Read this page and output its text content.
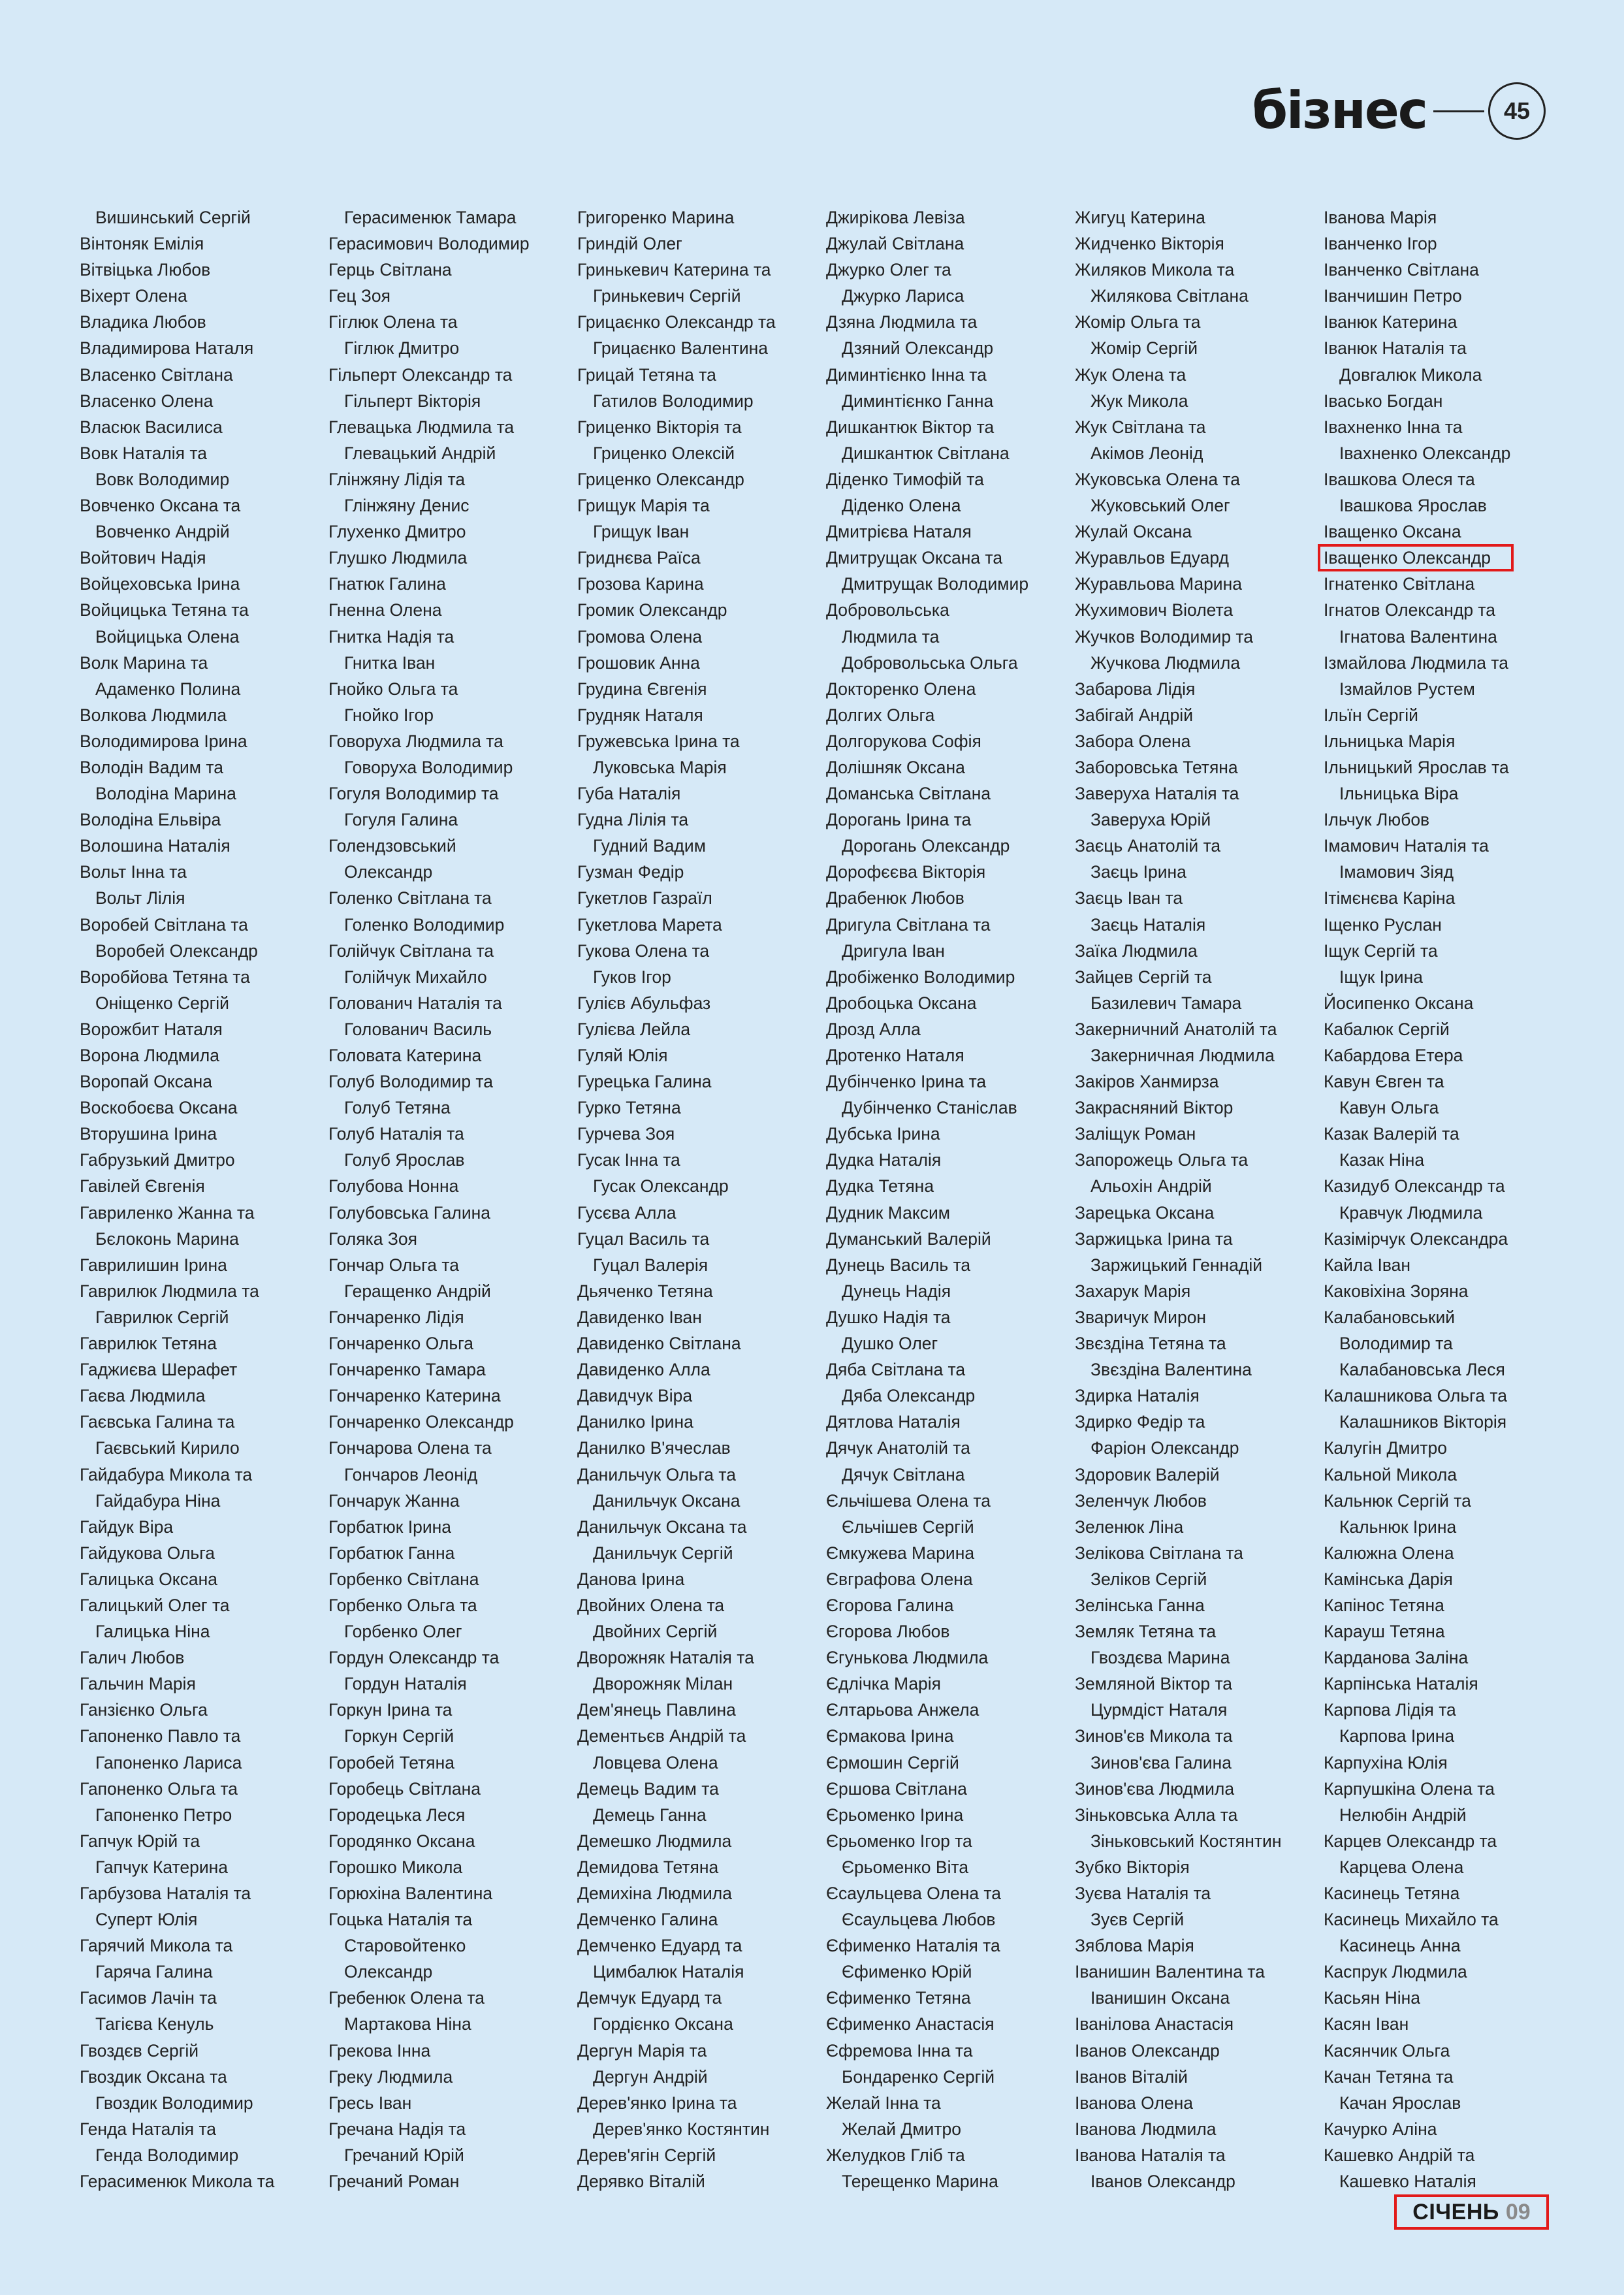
бізнес	45
Вишинський Сергій
Вінтоняк Емілія
Вітвіцька Любов
Віхерт Олена
Владика Любов
Владимирова Наталя
Власенко Світлана
Власенко Олена
Власюк Василиса
Вовк Наталія та
Вовк Володимир
Вовченко Оксана та
Вовченко Андрій
Войтович Надія
Войцеховська Ірина
Войцицька Тетяна та
Войцицька Олена
Волк Марина та
Адаменко Полина
Волкова Людмила
Володимирова Ірина
Володін Вадим та
Володіна Марина
Володіна Ельвіра
Волошина Наталія
Вольт Інна та
Вольт Лілія
Воробей Світлана та
Воробей Олександр
Воробйова Тетяна та
Оніщенко Сергій
Ворожбит Наталя
Ворона Людмила
Воропай Оксана
Воскобоєва Оксана
Вторушина Ірина
Габрузький Дмитро
Гавілей Євгенія
Гавриленко Жанна та
Бєлоконь Марина
Гаврилишин Ірина
Гаврилюк Людмила та
Гаврилюк Сергій
Гаврилюк Тетяна
Гаджиєва Шерафет
Гаєва Людмила
Гаєвська Галина та
Гаєвський Кирило
Гайдабура Микола та
Гайдабура Ніна
Гайдук Віра
Гайдукова Ольга
Галицька Оксана
Галицький Олег та
Галицька Ніна
Галич Любов
Гальчин Марія
Ганзієнко Ольга
Гапоненко Павло та
Гапоненко Лариса
Гапоненко Ольга та
Гапоненко Петро
Гапчук Юрій та
Гапчук Катерина
Гарбузова Наталія та
Суперт Юлія
Гарячий Микола та
Гаряча Галина
Гасимов Лачін та
Тагієва Кенуль
Гвоздєв Сергій
Гвоздик Оксана та
Гвоздик Володимир
Генда Наталія та
Генда Володимир
Герасименюк Микола та
Герасименюк Тамара
Герасимович Володимир
Герць Світлана
Гец Зоя
Гіглюк Олена та
Гіглюк Дмитро
Гільперт Олександр та
Гільперт Вікторія
Глевацька Людмила та
Глевацький Андрій
Глінжяну Лідія та
Глінжяну Денис
Глухенко Дмитро
Глушко Людмила
Гнатюк Галина
Гненна Олена
Гнитка Надія та
Гнитка Іван
Гнойко Ольга та
Гнойко Ігор
Говоруха Людмила та
Говоруха Володимир
Гогуля Володимир та
Гогуля Галина
Голендзовський
Олександр
Голенко Світлана та
Голенко Володимир
Голійчук Світлана та
Голійчук Михайло
Голованич Наталія та
Голованич Василь
Головата Катерина
Голуб Володимир та
Голуб Тетяна
Голуб Наталія та
Голуб Ярослав
Голубова Нонна
Голубовська Галина
Голяка Зоя
Гончар Ольга та
Геращенко Андрій
Гончаренко Лідія
Гончаренко Ольга
Гончаренко Тамара
Гончаренко Катерина
Гончаренко Олександр
Гончарова Олена та
Гончаров Леонід
Гончарук Жанна
Горбатюк Ірина
Горбатюк Ганна
Горбенко Світлана
Горбенко Ольга та
Горбенко Олег
Гордун Олександр та
Гордун Наталія
Горкун Ірина та
Горкун Сергій
Горобей Тетяна
Горобець Світлана
Городецька Леся
Городянко Оксана
Горошко Микола
Горюхіна Валентина
Гоцька Наталія та
Старовойтенко
Олександр
Гребенюк Олена та
Мартакова Ніна
Грекова Інна
Греку Людмила
Гресь Іван
Гречана Надія та
Гречаний Юрій
Гречаний Роман
Григоренко Марина
Гриндій Олег
Гринькевич Катерина та
Гринькевич Сергій
Грицаєнко Олександр та
Грицаєнко Валентина
Грицай Тетяна та
Гатилов Володимир
Гриценко Вікторія та
Гриценко Олексій
Гриценко Олександр
Грищук Марія та
Грищук Іван
Гриднєва Раїса
Грозова Карина
Громик Олександр
Громова Олена
Грошовик Анна
Грудина Євгенія
Грудняк Наталя
Гружевська Ірина та
Луковська Марія
Губа Наталія
Гудна Лілія та
Гудний Вадим
Гузман Федір
Гукетлов Газраїл
Гукетлова Марета
Гукова Олена та
Гуков Ігор
Гулієв Абульфаз
Гулієва Лейла
Гуляй Юлія
Гурецька Галина
Гурко Тетяна
Гурчева Зоя
Гусак Інна та
Гусак Олександр
Гусєва Алла
Гуцал Василь та
Гуцал Валерія
Дьяченко Тетяна
Давиденко Іван
Давиденко Світлана
Давиденко Алла
Давидчук Віра
Данилко Ірина
Данилко В'ячеслав
Данильчук Ольга та
Данильчук Оксана
Данильчук Оксана та
Данильчук Сергій
Данова Ірина
Двойних Олена та
Двойних Сергій
Дворожняк Наталія та
Дворожняк Мілан
Дем'янець Павлина
Дементьєв Андрій та
Ловцева Олена
Демець Вадим та
Демець Ганна
Демешко Людмила
Демидова Тетяна
Демихіна Людмила
Демченко Галина
Демченко Едуард та
Цимбалюк Наталія
Демчук Едуард та
Гордієнко Оксана
Дергун Марія та
Дергун Андрій
Дерев'янко Ірина та
Дерев'янко Костянтин
Дерев'ягін Сергій
Дерявко Віталій
Джирікова Левіза
Джулай Світлана
Джурко Олег та
Джурко Лариса
Дзяна Людмила та
Дзяний Олександр
Диминтієнко Інна та
Диминтієнко Ганна
Дишкантюк Віктор та
Дишкантюк Світлана
Діденко Тимофій та
Діденко Олена
Дмитрієва Наталя
Дмитрущак Оксана та
Дмитрущак Володимир
Добровольська
Людмила та
Добровольська Ольга
Докторенко Олена
Долгих Ольга
Долгорукова Софія
Долішняк Оксана
Доманська Світлана
Дорогань Ірина та
Дорогань Олександр
Дорофєєва Вікторія
Драбенюк Любов
Дригула Світлана та
Дригула Іван
Дробіженко Володимир
Дробоцька Оксана
Дрозд Алла
Дротенко Наталя
Дубінченко Ірина та
Дубінченко Станіслав
Дубська Ірина
Дудка Наталія
Дудка Тетяна
Дудник Максим
Думанський Валерій
Дунець Василь та
Дунець Надія
Душко Надія та
Душко Олег
Дяба Світлана та
Дяба Олександр
Дятлова Наталія
Дячук Анатолій та
Дячук Світлана
Єльчішева Олена та
Єльчішев Сергій
Ємкужева Марина
Євграфова Олена
Єгорова Галина
Єгорова Любов
Єгунькова Людмила
Єдлічка Марія
Єлтарьова Анжела
Єрмакова Ірина
Єрмошин Сергій
Єршова Світлана
Єрьоменко Ірина
Єрьоменко Ігор та
Єрьоменко Віта
Єсаульцева Олена та
Єсаульцева Любов
Єфименко Наталія та
Єфименко Юрій
Єфименко Тетяна
Єфименко Анастасія
Єфремова Інна та
Бондаренко Сергій
Желай Інна та
Желай Дмитро
Желудков Гліб та
Терещенко Марина
Жигуц Катерина
Жидченко Вікторія
Жиляков Микола та
Жилякова Світлана
Жомір Ольга та
Жомір Сергій
Жук Олена та
Жук Микола
Жук Світлана та
Акімов Леонід
Жуковська Олена та
Жуковський Олег
Жулай Оксана
Журавльов Едуард
Журавльова Марина
Жухимович Віолета
Жучков Володимир та
Жучкова Людмила
Забарова Лідія
Забігай Андрій
Забора Олена
Заборовська Тетяна
Заверуха Наталія та
Заверуха Юрій
Заєць Анатолій та
Заєць Ірина
Заєць Іван та
Заєць Наталія
Заїка Людмила
Зайцев Сергій та
Базилевич Тамара
Закерничний Анатолій та
Закерничная Людмила
Закіров Ханмирза
Закрасняний Віктор
Заліщук Роман
Запорожець Ольга та
Альохін Андрій
Зарецька Оксана
Заржицька Ірина та
Заржицький Геннадій
Захарук Марія
Зваричук Мирон
Звєздіна Тетяна та
Звєздіна Валентина
Здирка Наталія
Здирко Федір та
Фаріон Олександр
Здоровик Валерій
Зеленчук Любов
Зеленюк Ліна
Зелікова Світлана та
Зеліков Сергій
Зелінська Ганна
Земляк Тетяна та
Гвоздєва Марина
Земляной Віктор та
Цурмдіст Наталя
Зинов'єв Микола та
Зинов'єва Галина
Зинов'єва Людмила
Зіньковська Алла та
Зіньковський Костянтин
Зубко Вікторія
Зуєва Наталія та
Зуєв Сергій
Зяблова Марія
Іванишин Валентина та
Іванишин Оксана
Іванілова Анастасія
Іванов Олександр
Іванов Віталій
Іванова Олена
Іванова Людмила
Іванова Наталія та
Іванов Олександр
Іванова Марія
Іванченко Ігор
Іванченко Світлана
Іванчишин Петро
Іванюк Катерина
Іванюк Наталія та
Довгалюк Микола
Івасько Богдан
Івахненко Інна та
Івахненко Олександр
Івашкова Олеся та
Івашкова Ярослав
Іващенко Оксана
Іващенко Олександр
Ігнатенко Світлана
Ігнатов Олександр та
Ігнатова Валентина
Ізмайлова Людмила та
Ізмайлов Рустем
Ільїн Сергій
Ільницька Марія
Ільницький Ярослав та
Ільницька Віра
Ільчук Любов
Імамович Наталія та
Імамович Зіяд
Ітімєнєва Каріна
Іщенко Руслан
Іщук Сергій та
Іщук Ірина
Йосипенко Оксана
Кабалюк Сергій
Кабардова Етера
Кавун Євген та
Кавун Ольга
Казак Валерій та
Казак Ніна
Казидуб Олександр та
Кравчук Людмила
Казімірчук Олександра
Кайла Іван
Каковіхіна Зоряна
Калабановський
Володимир та
Калабановська Леся
Калашникова Ольга та
Калашников Вікторія
Калугін Дмитро
Кальной Микола
Кальнюк Сергій та
Кальнюк Ірина
Калюжна Олена
Камінська Дарія
Капінос Тетяна
Карауш Тетяна
Карданова Заліна
Карпінська Наталія
Карпова Лідія та
Карпова Ірина
Карпухіна Юлія
Карпушкіна Олена та
Нелюбін Андрій
Карцев Олександр та
Карцева Олена
Касинець Тетяна
Касинець Михайло та
Касинець Анна
Каспрук Людмила
Касьян Ніна
Касян Іван
Касянчик Ольга
Качан Тетяна та
Качан Ярослав
Качурко Аліна
Кашевко Андрій та
Кашевко Наталія
СІЧЕНЬ 09
